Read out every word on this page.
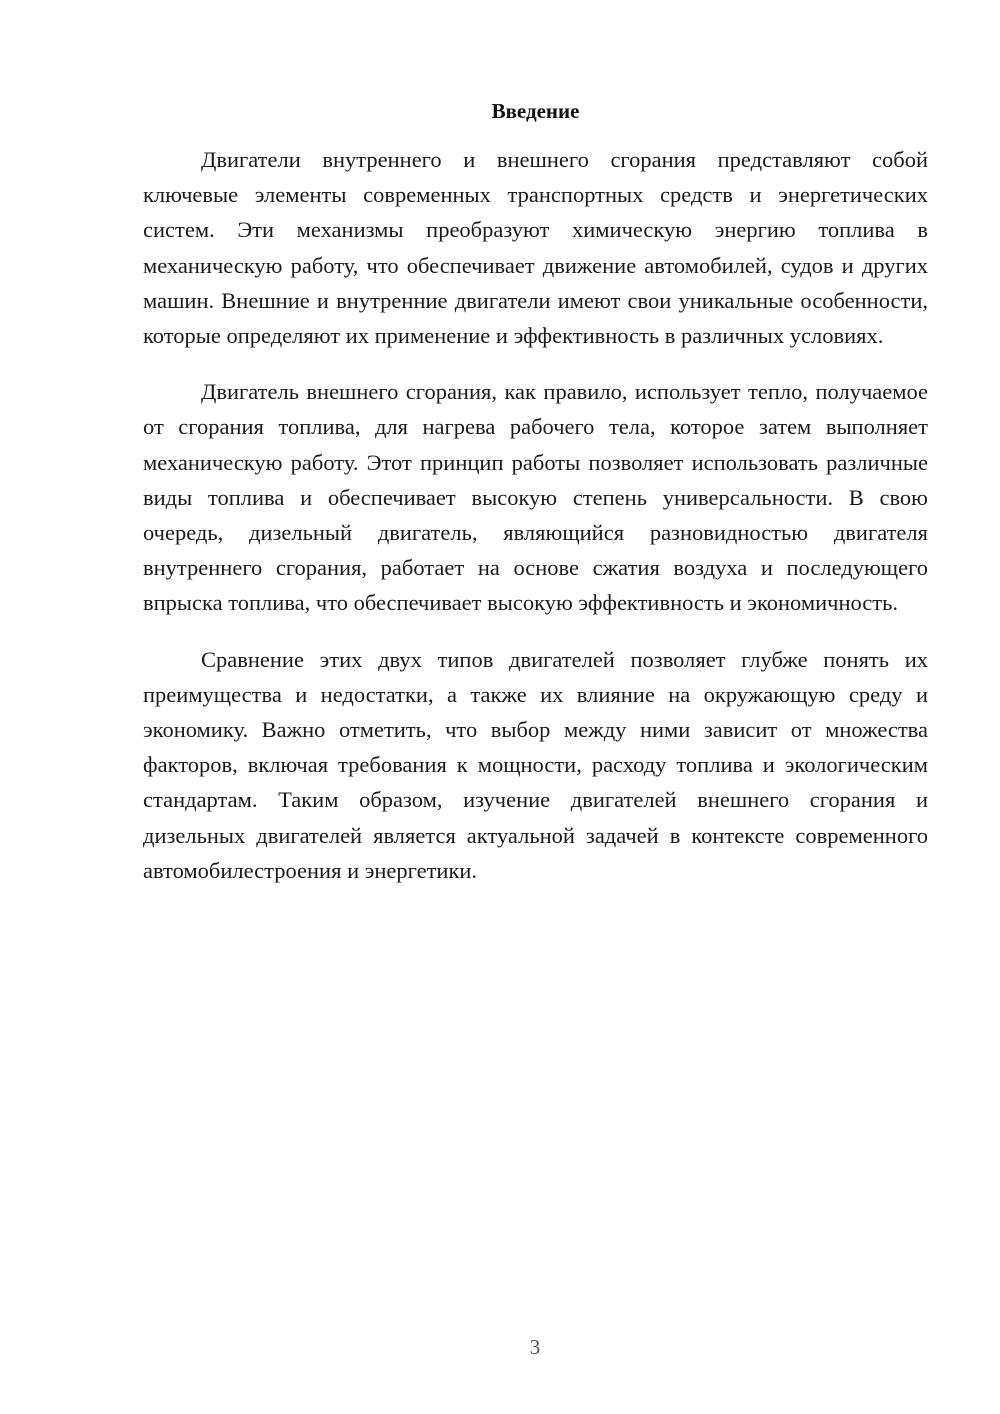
Введение

Двигатели внутреннего и внешнего сгорания представляют собой ключевые элементы современных транспортных средств и энергетических систем. Эти механизмы преобразуют химическую энергию топлива в механическую работу, что обеспечивает движение автомобилей, судов и других машин. Внешние и внутренние двигатели имеют свои уникальные особенности, которые определяют их применение и эффективность в различных условиях.

Двигатель внешнего сгорания, как правило, использует тепло, получаемое от сгорания топлива, для нагрева рабочего тела, которое затем выполняет механическую работу. Этот принцип работы позволяет использовать различные виды топлива и обеспечивает высокую степень универсальности. В свою очередь, дизельный двигатель, являющийся разновидностью двигателя внутреннего сгорания, работает на основе сжатия воздуха и последующего впрыска топлива, что обеспечивает высокую эффективность и экономичность.

Сравнение этих двух типов двигателей позволяет глубже понять их преимущества и недостатки, а также их влияние на окружающую среду и экономику. Важно отметить, что выбор между ними зависит от множества факторов, включая требования к мощности, расходу топлива и экологическим стандартам. Таким образом, изучение двигателей внешнего сгорания и дизельных двигателей является актуальной задачей в контексте современного автомобилестроения и энергетики.

3
